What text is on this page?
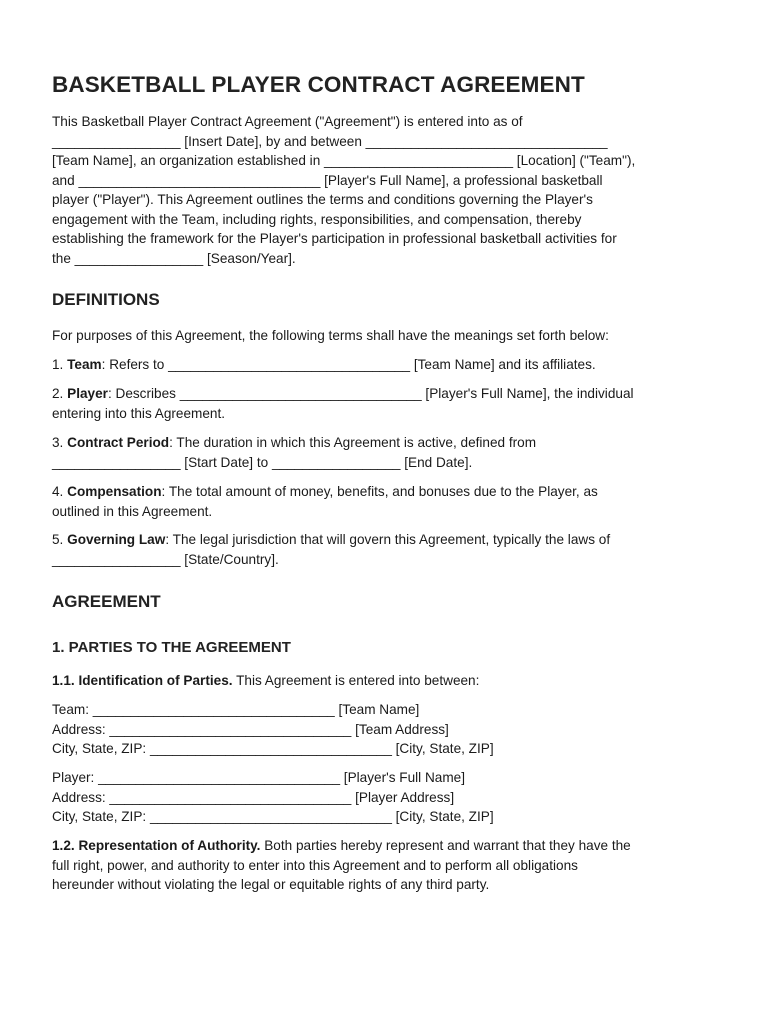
BASKETBALL PLAYER CONTRACT AGREEMENT

This Basketball Player Contract Agreement ("Agreement") is entered into as of
_________________ [Insert Date], by and between ________________________________
[Team Name], an organization established in _________________________ [Location] ("Team"),
and ________________________________ [Player's Full Name], a professional basketball
player ("Player"). This Agreement outlines the terms and conditions governing the Player's
engagement with the Team, including rights, responsibilities, and compensation, thereby
establishing the framework for the Player's participation in professional basketball activities for
the _________________ [Season/Year].

DEFINITIONS

For purposes of this Agreement, the following terms shall have the meanings set forth below:

1. Team: Refers to ________________________________ [Team Name] and its affiliates.

2. Player: Describes ________________________________ [Player's Full Name], the individual
entering into this Agreement.

3. Contract Period: The duration in which this Agreement is active, defined from
_________________ [Start Date] to _________________ [End Date].

4. Compensation: The total amount of money, benefits, and bonuses due to the Player, as
outlined in this Agreement.

5. Governing Law: The legal jurisdiction that will govern this Agreement, typically the laws of
_________________ [State/Country].

AGREEMENT
1. PARTIES TO THE AGREEMENT

1.1. Identification of Parties. This Agreement is entered into between:

Team: ________________________________ [Team Name]
Address: ________________________________ [Team Address]
City, State, ZIP: ________________________________ [City, State, ZIP]

Player: ________________________________ [Player's Full Name]
Address: ________________________________ [Player Address]
City, State, ZIP: ________________________________ [City, State, ZIP]

1.2. Representation of Authority. Both parties hereby represent and warrant that they have the
full right, power, and authority to enter into this Agreement and to perform all obligations
hereunder without violating the legal or equitable rights of any third party.
